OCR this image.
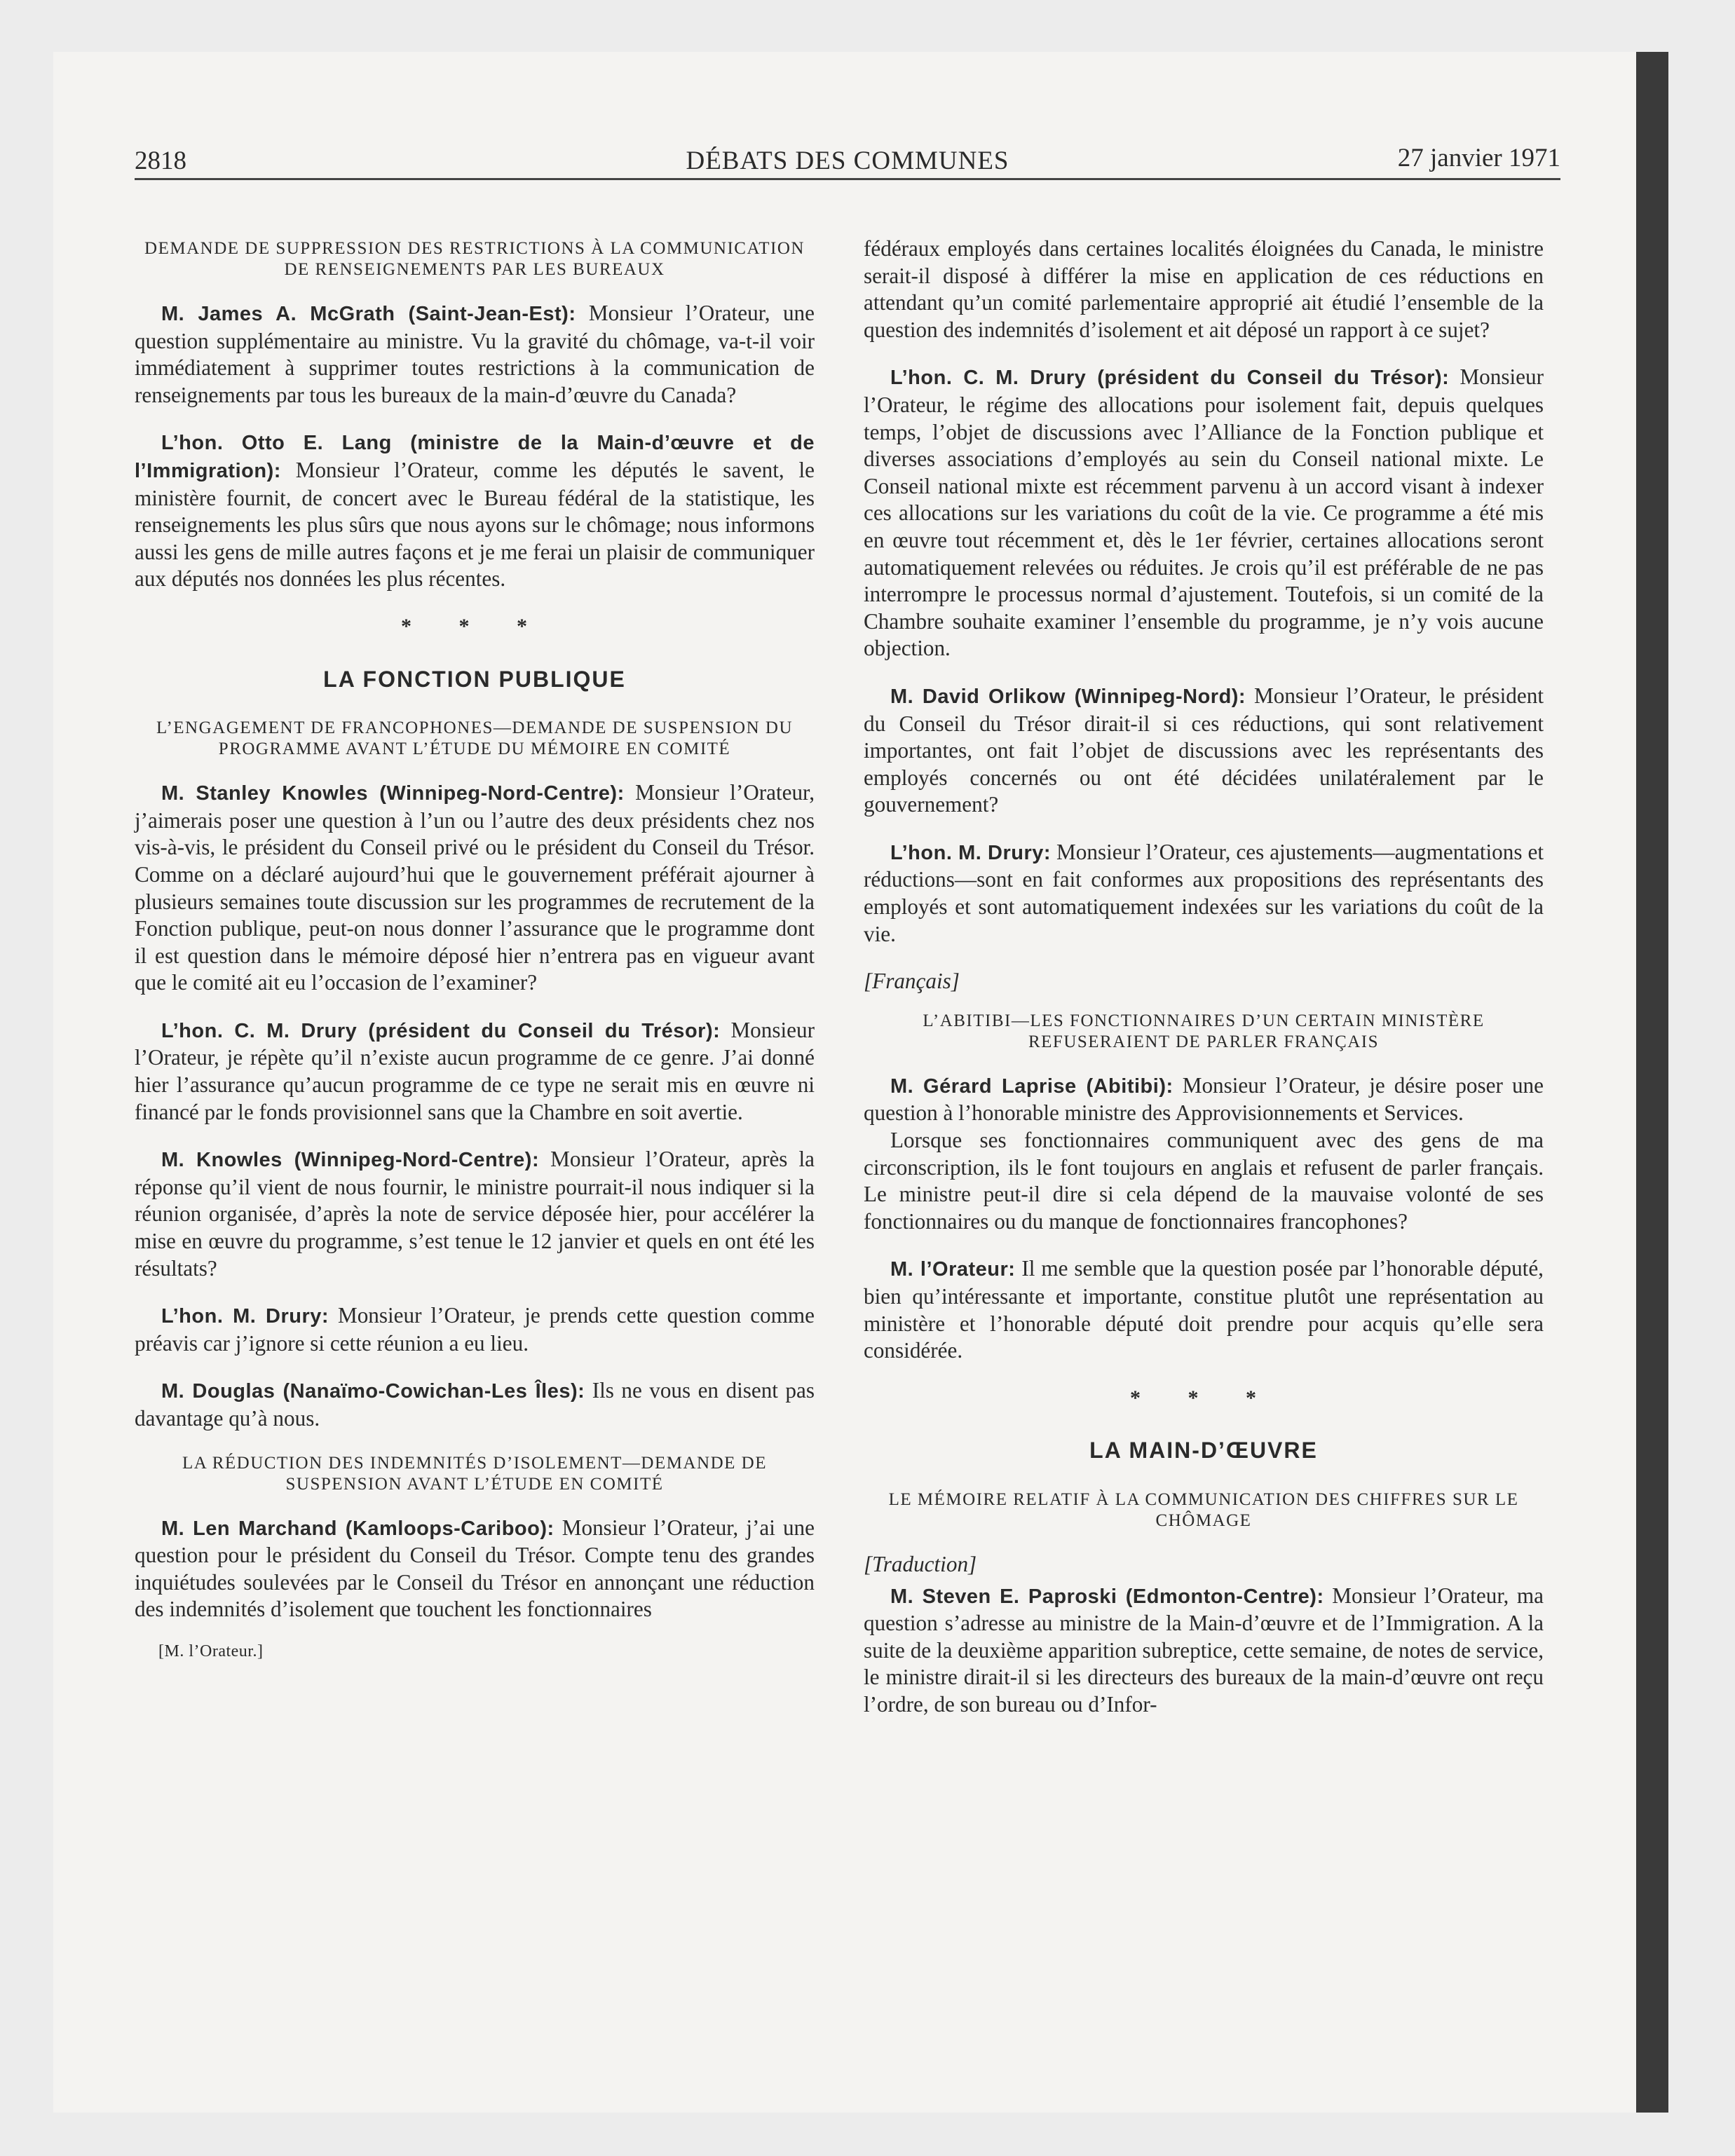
2818	DÉBATS DES COMMUNES	27 janvier 1971
DEMANDE DE SUPPRESSION DES RESTRICTIONS À LA COMMUNICATION DE RENSEIGNEMENTS PAR LES BUREAUX

M. James A. McGrath (Saint-Jean-Est): Monsieur l’Orateur, une question supplémentaire au ministre. Vu la gravité du chômage, va-t-il voir immédiatement à supprimer toutes restrictions à la communication de renseignements par tous les bureaux de la main-d’œuvre du Canada?

L’hon. Otto E. Lang (ministre de la Main-d’œuvre et de l’Immigration): Monsieur l’Orateur, comme les députés le savent, le ministère fournit, de concert avec le Bureau fédéral de la statistique, les renseignements les plus sûrs que nous ayons sur le chômage; nous informons aussi les gens de mille autres façons et je me ferai un plaisir de communiquer aux députés nos données les plus récentes.

* * *
LA FONCTION PUBLIQUE
L’ENGAGEMENT DE FRANCOPHONES—DEMANDE DE SUSPENSION DU PROGRAMME AVANT L’ÉTUDE DU MÉMOIRE EN COMITÉ

M. Stanley Knowles (Winnipeg-Nord-Centre): Monsieur l’Orateur, j’aimerais poser une question à l’un ou l’autre des deux présidents chez nos vis-à-vis, le président du Conseil privé ou le président du Conseil du Trésor. Comme on a déclaré aujourd’hui que le gouvernement préférait ajourner à plusieurs semaines toute discussion sur les programmes de recrutement de la Fonction publique, peut-on nous donner l’assurance que le programme dont il est question dans le mémoire déposé hier n’entrera pas en vigueur avant que le comité ait eu l’occasion de l’examiner?

L’hon. C. M. Drury (président du Conseil du Trésor): Monsieur l’Orateur, je répète qu’il n’existe aucun programme de ce genre. J’ai donné hier l’assurance qu’aucun programme de ce type ne serait mis en œuvre ni financé par le fonds provisionnel sans que la Chambre en soit avertie.

M. Knowles (Winnipeg-Nord-Centre): Monsieur l’Orateur, après la réponse qu’il vient de nous fournir, le ministre pourrait-il nous indiquer si la réunion organisée, d’après la note de service déposée hier, pour accélérer la mise en œuvre du programme, s’est tenue le 12 janvier et quels en ont été les résultats?

L’hon. M. Drury: Monsieur l’Orateur, je prends cette question comme préavis car j’ignore si cette réunion a eu lieu.

M. Douglas (Nanaïmo-Cowichan-Les Îles): Ils ne vous en disent pas davantage qu’à nous.

LA RÉDUCTION DES INDEMNITÉS D’ISOLEMENT—DEMANDE DE SUSPENSION AVANT L’ÉTUDE EN COMITÉ

M. Len Marchand (Kamloops-Cariboo): Monsieur l’Orateur, j’ai une question pour le président du Conseil du Trésor. Compte tenu des grandes inquiétudes soulevées par le Conseil du Trésor en annonçant une réduction des indemnités d’isolement que touchent les fonctionnaires

[M. l’Orateur.]

fédéraux employés dans certaines localités éloignées du Canada, le ministre serait-il disposé à différer la mise en application de ces réductions en attendant qu’un comité parlementaire approprié ait étudié l’ensemble de la question des indemnités d’isolement et ait déposé un rapport à ce sujet?

L’hon. C. M. Drury (président du Conseil du Trésor): Monsieur l’Orateur, le régime des allocations pour isolement fait, depuis quelques temps, l’objet de discussions avec l’Alliance de la Fonction publique et diverses associations d’employés au sein du Conseil national mixte. Le Conseil national mixte est récemment parvenu à un accord visant à indexer ces allocations sur les variations du coût de la vie. Ce programme a été mis en œuvre tout récemment et, dès le 1er février, certaines allocations seront automatiquement relevées ou réduites. Je crois qu’il est préférable de ne pas interrompre le processus normal d’ajustement. Toutefois, si un comité de la Chambre souhaite examiner l’ensemble du programme, je n’y vois aucune objection.

M. David Orlikow (Winnipeg-Nord): Monsieur l’Orateur, le président du Conseil du Trésor dirait-il si ces réductions, qui sont relativement importantes, ont fait l’objet de discussions avec les représentants des employés concernés ou ont été décidées unilatéralement par le gouvernement?

L’hon. M. Drury: Monsieur l’Orateur, ces ajustements—augmentations et réductions—sont en fait conformes aux propositions des représentants des employés et sont automatiquement indexées sur les variations du coût de la vie.

[Français]
L’ABITIBI—LES FONCTIONNAIRES D’UN CERTAIN MINISTÈRE REFUSERAIENT DE PARLER FRANÇAIS

M. Gérard Laprise (Abitibi): Monsieur l’Orateur, je désire poser une question à l’honorable ministre des Approvisionnements et Services.

Lorsque ses fonctionnaires communiquent avec des gens de ma circonscription, ils le font toujours en anglais et refusent de parler français. Le ministre peut-il dire si cela dépend de la mauvaise volonté de ses fonctionnaires ou du manque de fonctionnaires francophones?

M. l’Orateur: Il me semble que la question posée par l’honorable député, bien qu’intéressante et importante, constitue plutôt une représentation au ministère et l’honorable député doit prendre pour acquis qu’elle sera considérée.

* * *
LA MAIN-D’ŒUVRE
LE MÉMOIRE RELATIF À LA COMMUNICATION DES CHIFFRES SUR LE CHÔMAGE
[Traduction]

M. Steven E. Paproski (Edmonton-Centre): Monsieur l’Orateur, ma question s’adresse au ministre de la Main-d’œuvre et de l’Immigration. A la suite de la deuxième apparition subreptice, cette semaine, de notes de service, le ministre dirait-il si les directeurs des bureaux de la main-d’œuvre ont reçu l’ordre, de son bureau ou d’Infor-
